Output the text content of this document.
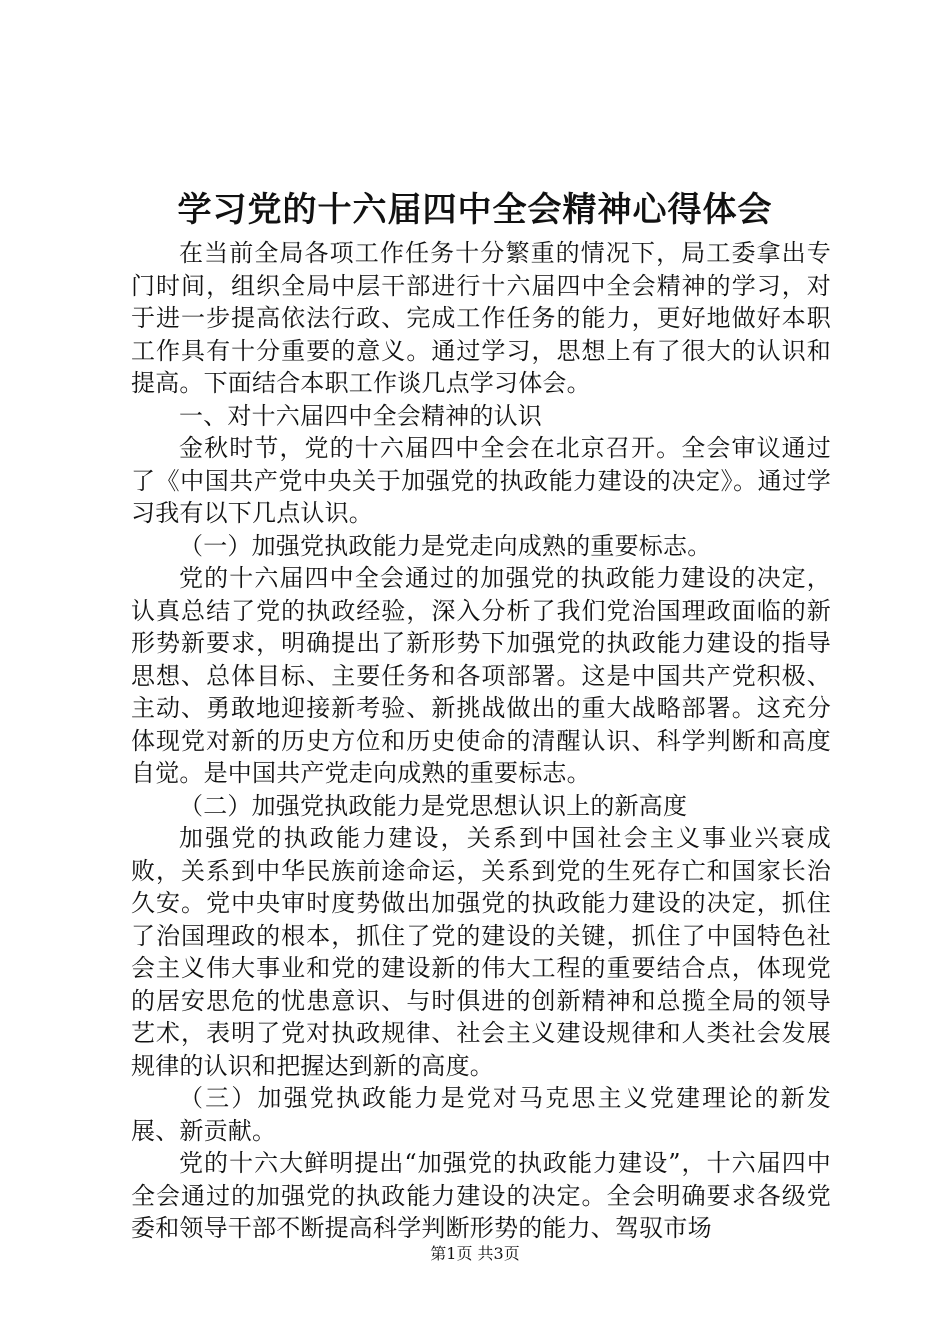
学习党的十六届四中全会精神心得体会

在当前全局各项工作任务十分繁重的情况下，局工委拿出专门时间，组织全局中层干部进行十六届四中全会精神的学习，对于进一步提高依法行政、完成工作任务的能力，更好地做好本职工作具有十分重要的意义。通过学习，思想上有了很大的认识和提高。下面结合本职工作谈几点学习体会。

一、对十六届四中全会精神的认识

金秋时节，党的十六届四中全会在北京召开。全会审议通过了《中国共产党中央关于加强党的执政能力建设的决定》。通过学习我有以下几点认识。

（一）加强党执政能力是党走向成熟的重要标志。

党的十六届四中全会通过的加强党的执政能力建设的决定，认真总结了党的执政经验，深入分析了我们党治国理政面临的新形势新要求，明确提出了新形势下加强党的执政能力建设的指导思想、总体目标、主要任务和各项部署。这是中国共产党积极、主动、勇敢地迎接新考验、新挑战做出的重大战略部署。这充分体现党对新的历史方位和历史使命的清醒认识、科学判断和高度自觉。是中国共产党走向成熟的重要标志。

（二）加强党执政能力是党思想认识上的新高度

加强党的执政能力建设，关系到中国社会主义事业兴衰成败，关系到中华民族前途命运，关系到党的生死存亡和国家长治久安。党中央审时度势做出加强党的执政能力建设的决定，抓住了治国理政的根本，抓住了党的建设的关键，抓住了中国特色社会主义伟大事业和党的建设新的伟大工程的重要结合点，体现党的居安思危的忧患意识、与时俱进的创新精神和总揽全局的领导艺术，表明了党对执政规律、社会主义建设规律和人类社会发展规律的认识和把握达到新的高度。

（三）加强党执政能力是党对马克思主义党建理论的新发展、新贡献。

党的十六大鲜明提出“加强党的执政能力建设”，十六届四中全会通过的加强党的执政能力建设的决定。全会明确要求各级党委和领导干部不断提高科学判断形势的能力、驾驭市场

第1页 共3页
